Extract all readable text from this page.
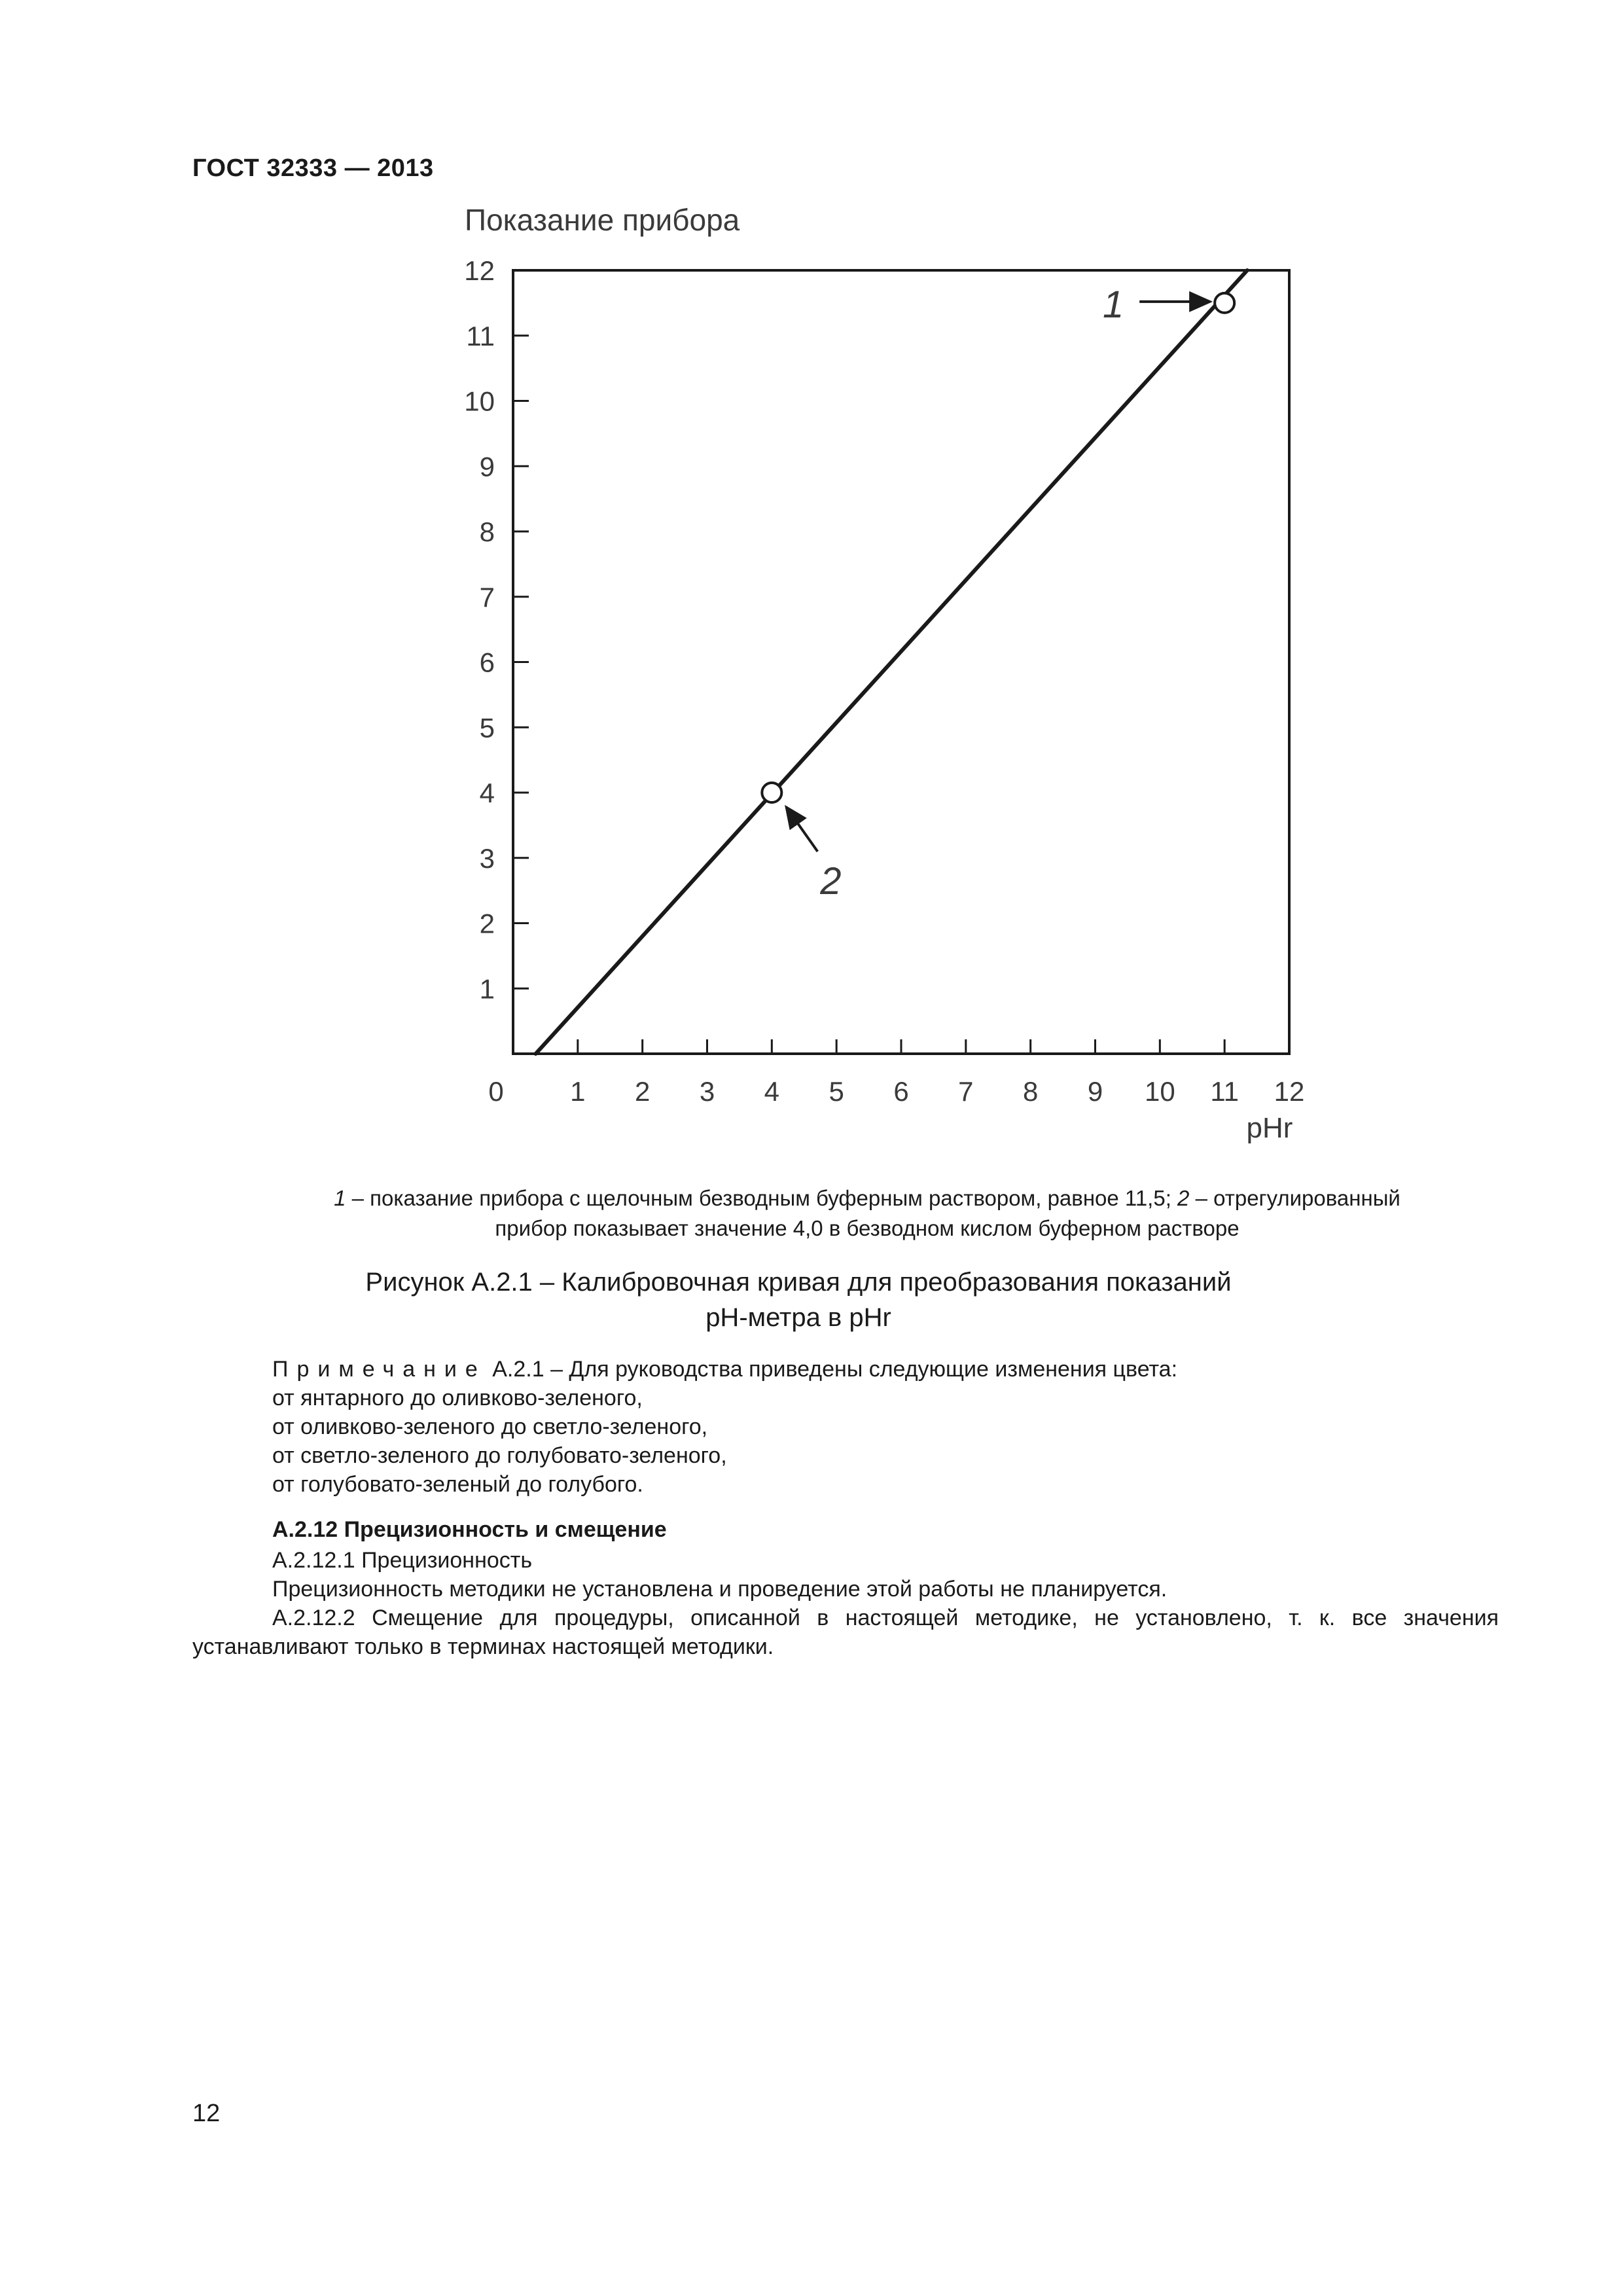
ГОСТ 32333 — 2013
Показание прибора
pHr
1
2
3
4
5
6
7
8
9
10
11
12
0 1 2 3 4 5 6 7 8 9 10 11 12
1
2
1 – показание прибора с щелочным безводным буферным раствором, равное 11,5; 2 – отрегулированный
прибор показывает значение 4,0 в безводном кислом буферном растворе
Рисунок А.2.1 – Калибровочная кривая для преобразования показаний
pH-метра в pHr
Примечание А.2.1 – Для руководства приведены следующие изменения цвета:
от янтарного до оливково-зеленого,
от оливково-зеленого до светло-зеленого,
от светло-зеленого до голубовато-зеленого,
от голубовато-зеленый до голубого.
А.2.12 Прецизионность и смещение
А.2.12.1 Прецизионность
Прецизионность методики не установлена и проведение этой работы не планируется.
А.2.12.2 Смещение для процедуры, описанной в настоящей методике, не установлено, т. к. все значения устанавливают только в терминах настоящей методики.
12
